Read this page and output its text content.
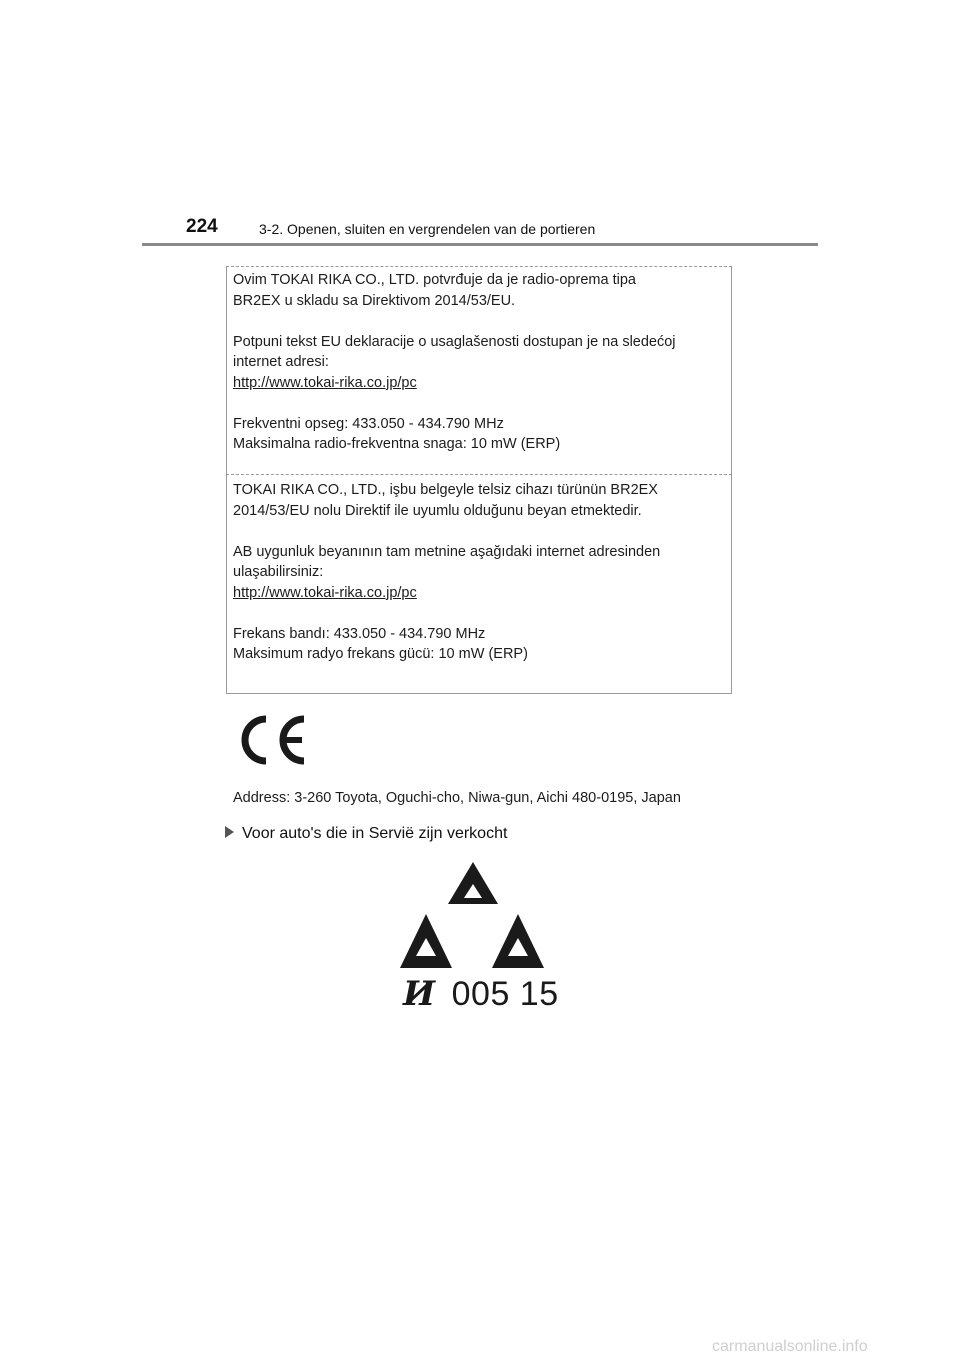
224	3-2. Openen, sluiten en vergrendelen van de portieren

Ovim TOKAI RIKA CO., LTD. potvrđuje da je radio-oprema tipa

BR2EX u skladu sa Direktivom 2014/53/EU.

Potpuni tekst EU deklaracije o usaglašenosti dostupan je na sledećoj

internet adresi:

http://www.tokai-rika.co.jp/pc

Frekventni opseg: 433.050 - 434.790 MHz

Maksimalna radio-frekventna snaga: 10 mW (ERP)

TOKAI RIKA CO., LTD., işbu belgeyle telsiz cihazı türünün BR2EX

2014/53/EU nolu Direktif ile uyumlu olduğunu beyan etmektedir.

AB uygunluk beyanının tam metnine aşağıdaki internet adresinden

ulaşabilirsiniz:

http://www.tokai-rika.co.jp/pc

Frekans bandı: 433.050 - 434.790 MHz

Maksimum radyo frekans gücü: 10 mW (ERP)

Address: 3-260 Toyota, Oguchi-cho, Niwa-gun, Aichi 480-0195, Japan
Voor auto's die in Servië zijn verkocht
И 005 15
carmanualsonline.info
